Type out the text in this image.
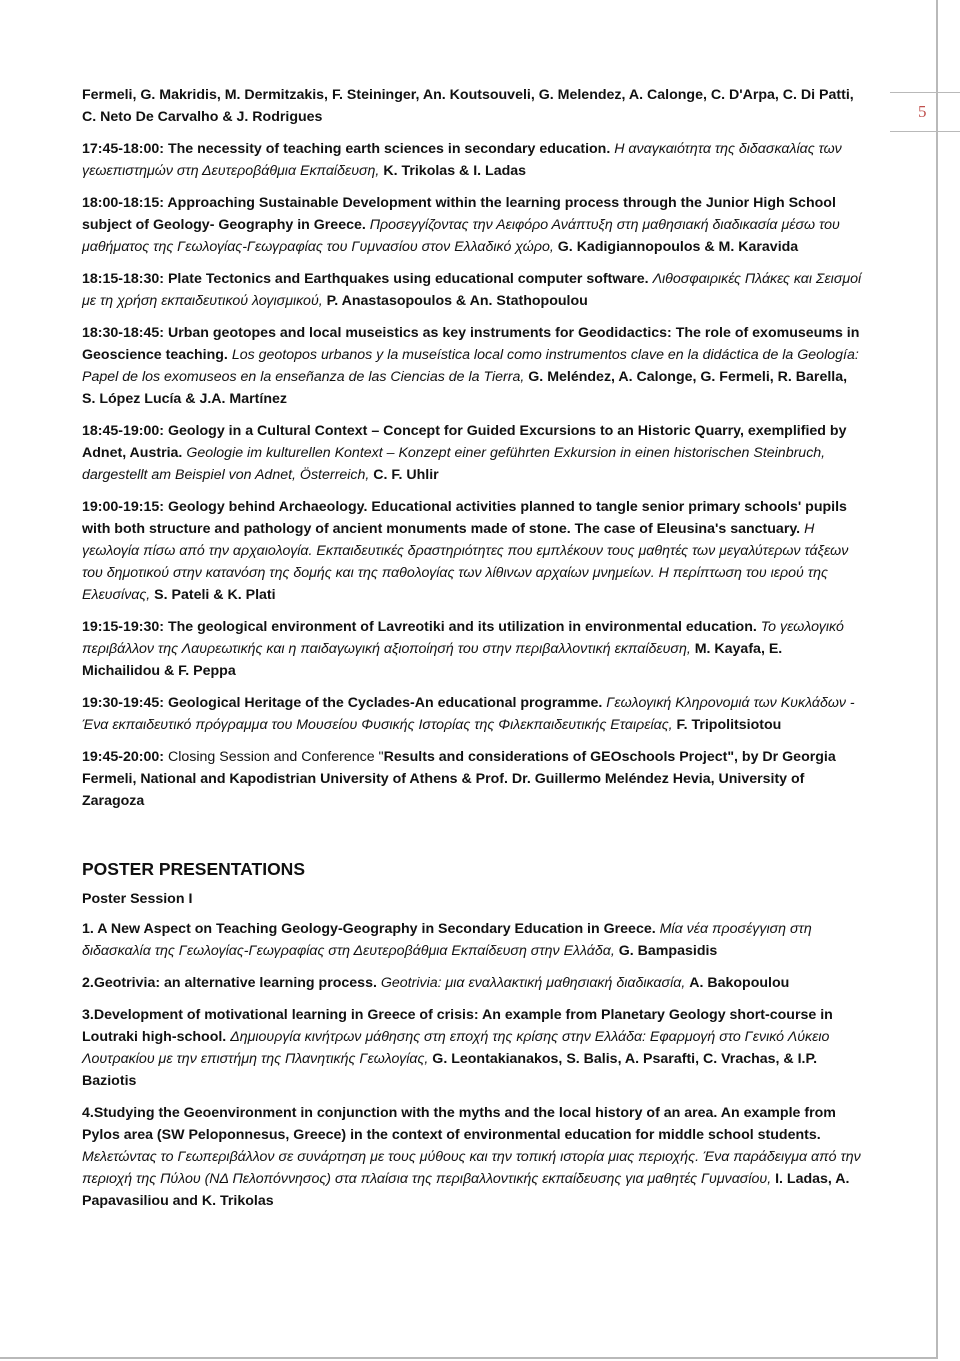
5

Fermeli, G. Makridis, M. Dermitzakis, F. Steininger, An. Koutsouveli, G. Melendez, A. Calonge, C. D'Arpa, C. Di Patti, C. Neto De Carvalho & J. Rodrigues

17:45-18:00: The necessity of teaching earth sciences in secondary education. Η αναγκαιότητα της διδασκαλίας των γεωεπιστημών στη Δευτεροβάθμια Εκπαίδευση, K. Trikolas & I. Ladas

18:00-18:15: Approaching Sustainable Development within the learning process through the Junior High School subject of Geology- Geography in Greece. Προσεγγίζοντας την Αειφόρο Ανάπτυξη στη μαθησιακή διαδικασία μέσω του μαθήματος της Γεωλογίας-Γεωγραφίας του Γυμνασίου στον Ελλαδικό χώρο, G. Kadigiannopoulos & M. Karavida

18:15-18:30: Plate Tectonics and Earthquakes using educational computer software. Λιθοσφαιρικές Πλάκες και Σεισμοί με τη χρήση εκπαιδευτικού λογισμικού, P. Anastasopoulos & An. Stathopoulou

18:30-18:45: Urban geotopes and local museistics as key instruments for Geodidactics: The role of exomuseums in Geoscience teaching. Los geotopos urbanos y la museística local como instrumentos clave en la didáctica de la Geología: Papel de los exomuseos en la enseñanza de las Ciencias de la Tierra, G. Meléndez, A. Calonge, G. Fermeli, R. Barella, S. López Lucía & J.A. Martínez

18:45-19:00: Geology in a Cultural Context – Concept for Guided Excursions to an Historic Quarry, exemplified by Adnet, Austria. Geologie im kulturellen Kontext – Konzept einer geführten Exkursion in einen historischen Steinbruch, dargestellt am Beispiel von Adnet, Österreich, C. F. Uhlir

19:00-19:15: Geology behind Archaeology. Educational activities planned to tangle senior primary schools' pupils with both structure and pathology of ancient monuments made of stone. The case of Eleusina's sanctuary. Η γεωλογία πίσω από την αρχαιολογία. Εκπαιδευτικές δραστηριότητες που εμπλέκουν τους μαθητές των μεγαλύτερων τάξεων του δημοτικού στην κατανόση της δομής και της παθολογίας των λίθινων αρχαίων μνημείων. Η περίπτωση του ιερού της Ελευσίνας, S. Pateli & K. Plati

19:15-19:30: The geological environment of Lavreotiki and its utilization in environmental education. Το γεωλογικό περιβάλλον της Λαυρεωτικής και η παιδαγωγική αξιοποίησή του στην περιβαλλοντική εκπαίδευση, M. Kayafa, E. Michailidou & F. Peppa

19:30-19:45: Geological Heritage of the Cyclades-An educational programme. Γεωλογική Κληρονομιά των Κυκλάδων - Ένα εκπαιδευτικό πρόγραμμα του Μουσείου Φυσικής Ιστορίας της Φιλεκπαιδευτικής Εταιρείας, F. Tripolitsiotou

19:45-20:00: Closing Session and Conference "Results and considerations of GEOschools Project", by Dr Georgia Fermeli, National and Kapodistrian University of Athens & Prof. Dr. Guillermo Meléndez Hevia, University of Zaragoza

POSTER PRESENTATIONS

Poster Session I

1. A New Aspect on Teaching Geology-Geography in Secondary Education in Greece. Μία νέα προσέγγιση στη διδασκαλία της Γεωλογίας-Γεωγραφίας στη Δευτεροβάθμια Εκπαίδευση στην Ελλάδα, G. Bampasidis

2.Geotrivia: an alternative learning process. Geotrivia: μια εναλλακτική μαθησιακή διαδικασία, A. Bakopoulou

3.Development of motivational learning in Greece of crisis: An example from Planetary Geology short-course in Loutraki high-school. Δημιουργία κινήτρων μάθησης στη εποχή της κρίσης στην Ελλάδα: Εφαρμογή στο Γενικό Λύκειο Λουτρακίου με την επιστήμη της Πλανητικής Γεωλογίας, G. Leontakianakos, S. Balis, A. Psarafti, C. Vrachas, & I.P. Baziotis

4.Studying the Geoenvironment in conjunction with the myths and the local history of an area. An example from Pylos area (SW Peloponnesus, Greece) in the context of environmental education for middle school students. Μελετώντας το Γεωπεριβάλλον σε συνάρτηση με τους μύθους και την τοπική ιστορία μιας περιοχής. Ένα παράδειγμα από την περιοχή της Πύλου (ΝΔ Πελοπόννησος) στα πλαίσια της περιβαλλοντικής εκπαίδευσης για μαθητές Γυμνασίου, I. Ladas, A. Papavasiliou and K. Trikolas
